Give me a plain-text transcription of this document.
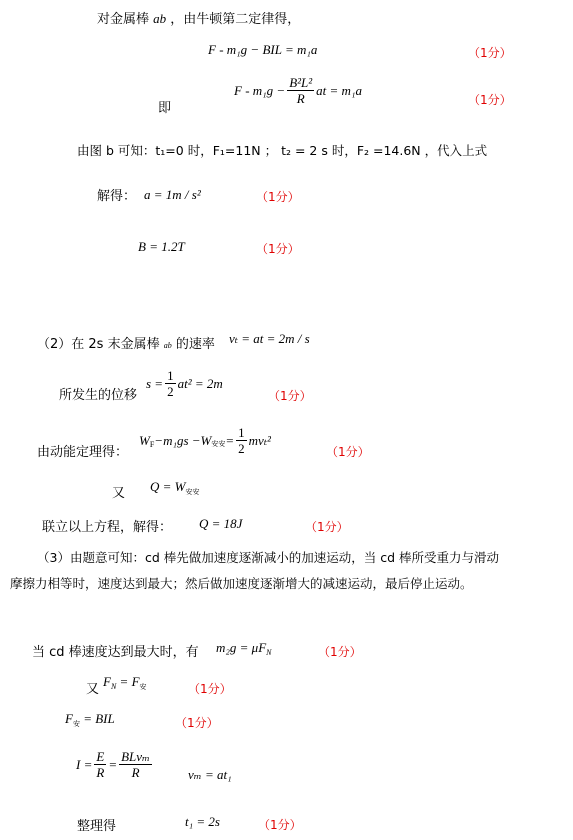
对金属棒 ab ，由牛顿第二定律得，
F - m₁g − BIL = m₁a	（1分）
即
$F - m_1g - \frac{\text{B²L²}}{R}$ at = m₁a
（1分）
由图 b 可知：t₁=0 时，F₁=11N ； t₂ = 2 s 时，F₂ =14.6N ，代入上式
解得： a = 1m / s²	（1分）
B = 1.2T	（1分）
（2）在 2s 末金属棒 ab 的速率 vₜ = at = 2m / s
所发生的位移
$s = \frac{1}{2} at^2 = 2m$
（1分）
由动能定理得：
W F −m₁gs −W 安安 = $\frac{1}{2} mv_t^2$
（1分）
又 $Q = W_{安安}$
联立以上方程，解得： Q = 18J	（1分）
（3）由题意可知：cd 棒先做加速度逐渐减小的加速运动，当 cd 棒所受重力与滑动
摩擦力相等时，速度达到最大；然后做加速度逐渐增大的减速运动，最后停止运动。
当 cd 棒速度达到最大时，有 $m_2g = \mu F_N$	（1分）
又
$F_N = F_安$	（1分）
$F_安$ = BIL	（1分）
$I = \frac{E}{R} = \frac{\text{BLvₘ}}{R}$	vₘ = at₁
整理得	t₁ = 2s	（1分）
